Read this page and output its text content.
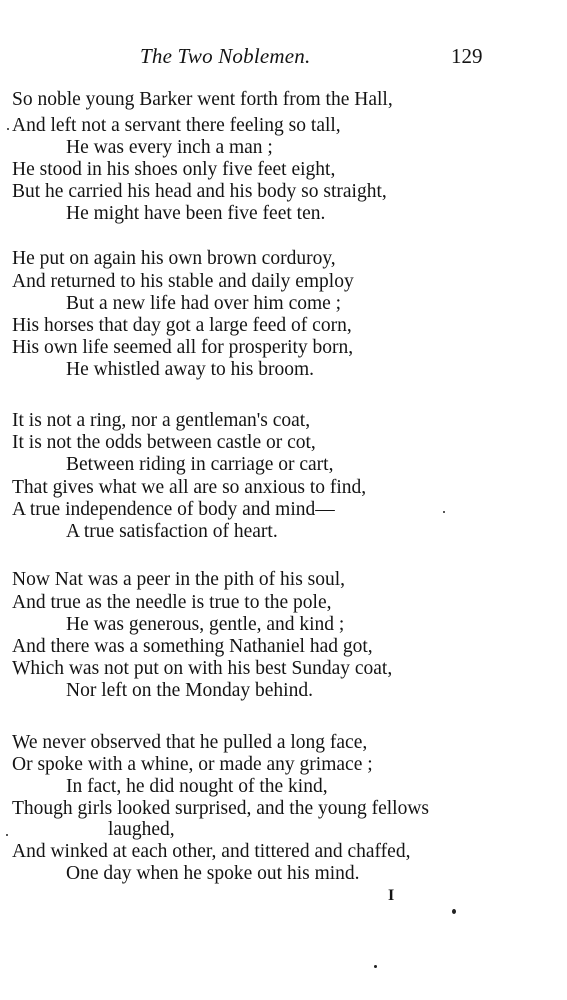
The Two Noblemen.	129
So noble young Barker went forth from the Hall,
And left not a servant there feeling so tall,
He was every inch a man ;
He stood in his shoes only five feet eight,
But he carried his head and his body so straight,
He might have been five feet ten.
He put on again his own brown corduroy,
And returned to his stable and daily employ
But a new life had over him come ;
His horses that day got a large feed of corn,
His own life seemed all for prosperity born,
He whistled away to his broom.
It is not a ring, nor a gentleman's coat,
It is not the odds between castle or cot,
Between riding in carriage or cart,
That gives what we all are so anxious to find,
A true independence of body and mind—
A true satisfaction of heart.
Now Nat was a peer in the pith of his soul,
And true as the needle is true to the pole,
He was generous, gentle, and kind ;
And there was a something Nathaniel had got,
Which was not put on with his best Sunday coat,
Nor left on the Monday behind.
We never observed that he pulled a long face,
Or spoke with a whine, or made any grimace ;
In fact, he did nought of the kind,
Though girls looked surprised, and the young fellows
laughed,
And winked at each other, and tittered and chaffed,
One day when he spoke out his mind.
I
